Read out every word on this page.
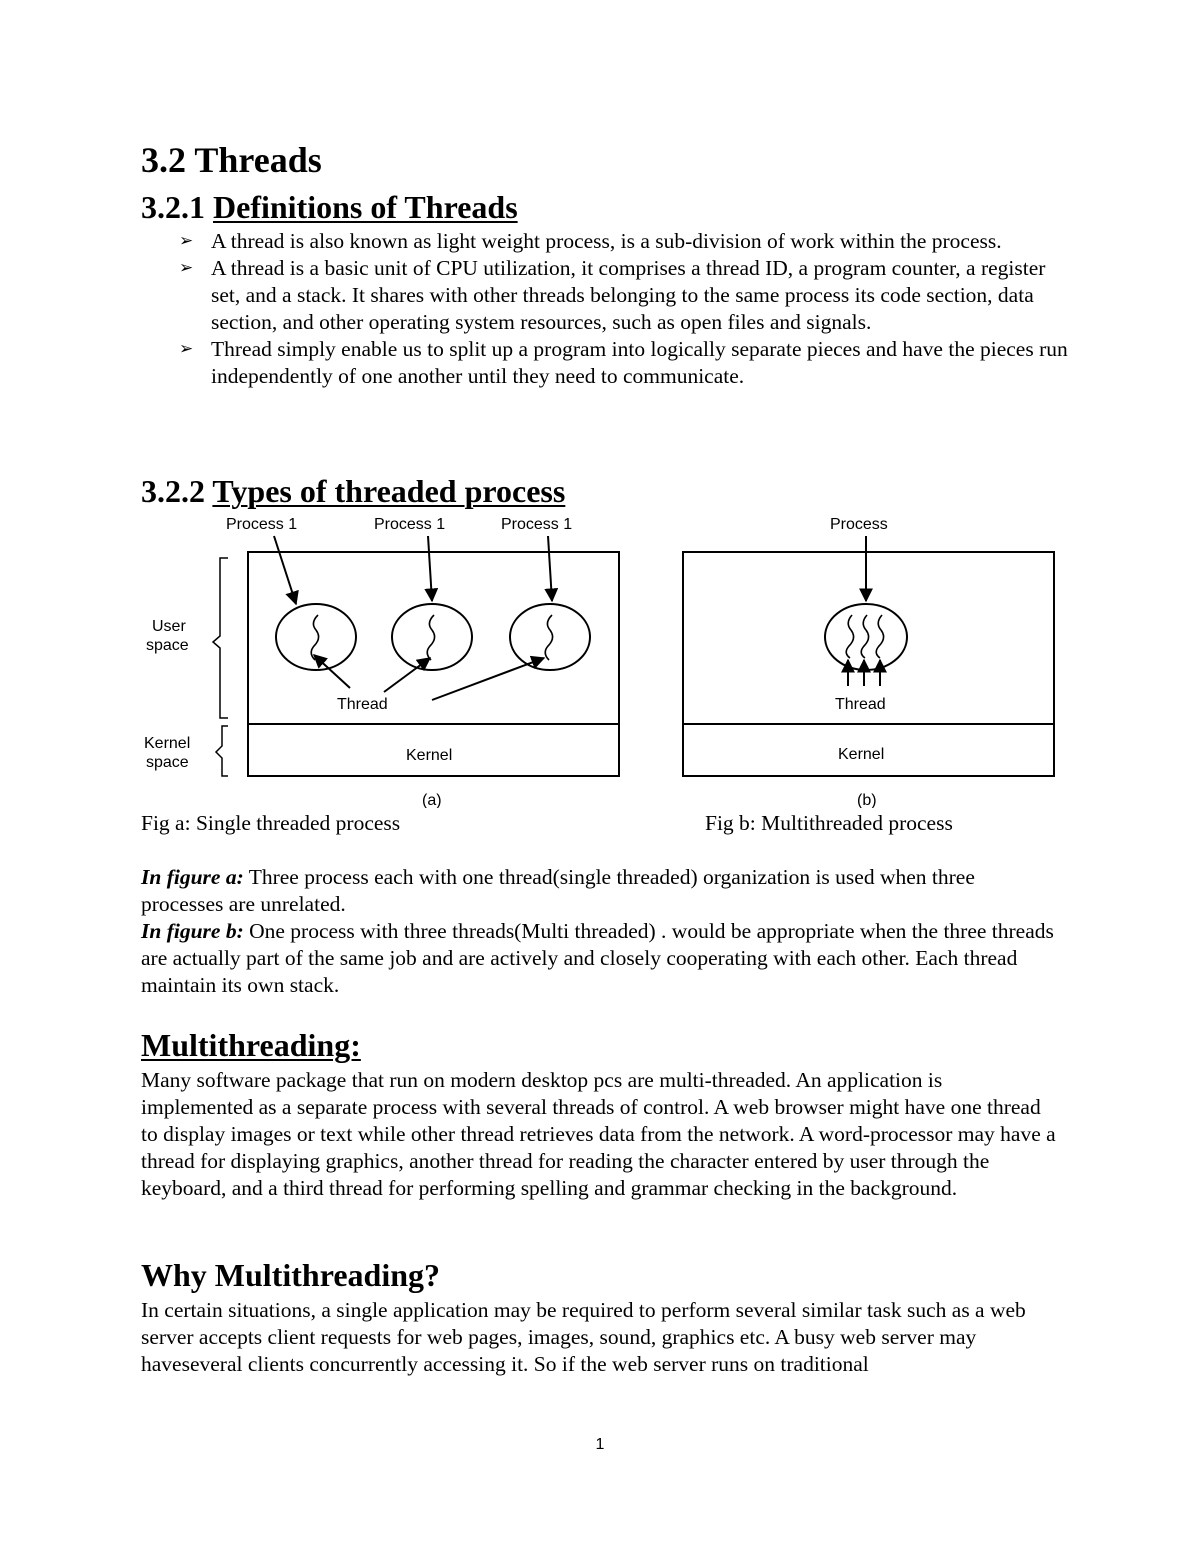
3.2 Threads
3.2.1 Definitions of Threads
➢ A thread is also known as light weight process, is a sub-division of work within the process.
➢ A thread is a basic unit of CPU utilization, it comprises a thread ID, a program counter, a register set, and a stack. It shares with other threads belonging to the same process its code section, data section, and other operating system resources, such as open files and signals.
➢ Thread simply enable us to split up a program into logically separate pieces and have the pieces run independently of one another until they need to communicate.
3.2.2 Types of threaded process
Process 1	Process 1	Process 1
User
space
Kernel
space
Thread
Kernel
(a)
Process
Thread
Kernel
(b)
Fig a: Single threaded process	Fig b: Multithreaded process

In figure a: Three process each with one thread(single threaded) organization is used when three processes are unrelated.

In figure b: One process with three threads(Multi threaded) . would be appropriate when the three threads are actually part of the same job and are actively and closely cooperating with each other. Each thread maintain its own stack.

Multithreading:

Many software package that run on modern desktop pcs are multi-threaded. An application is implemented as a separate process with several threads of control. A web browser might have one thread to display images or text while other thread retrieves data from the network. A word-processor may have a thread for displaying graphics, another thread for reading the character entered by user through the keyboard, and a third thread for performing spelling and grammar checking in the background.

Why Multithreading?

In certain situations, a single application may be required to perform several similar task such as a web server accepts client requests for web pages, images, sound, graphics etc. A busy web server may haveseveral clients concurrently accessing it. So if the web server runs on traditional

1
